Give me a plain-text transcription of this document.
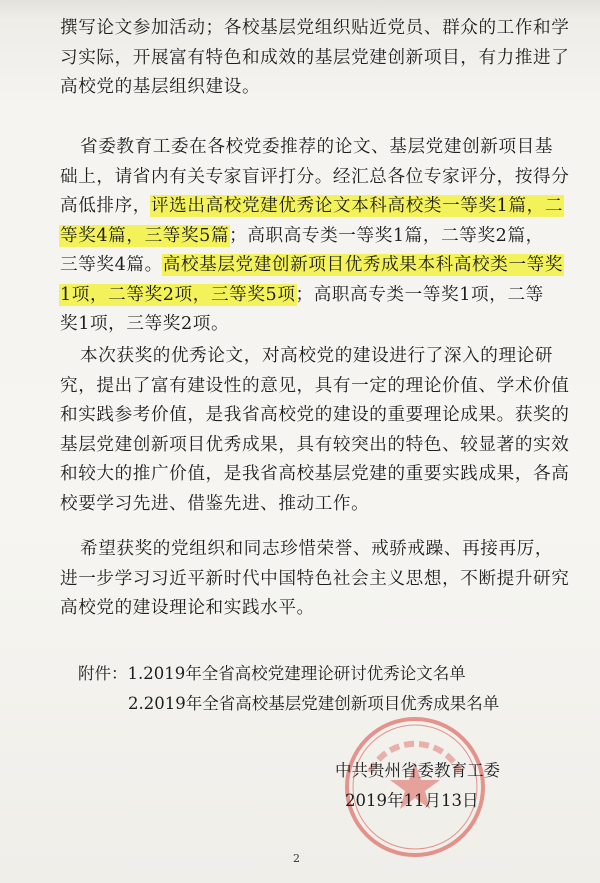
撰写论文参加活动；各校基层党组织贴近党员、群众的工作和学
习实际，开展富有特色和成效的基层党建创新项目，有力推进了
高校党的基层组织建设。
省委教育工委在各校党委推荐的论文、基层党建创新项目基
础上，请省内有关专家盲评打分。经汇总各位专家评分，按得分
高低排序，评选出高校党建优秀论文本科高校类一等奖1篇，二
等奖4篇，三等奖5篇；高职高专类一等奖1篇，二等奖2篇，
三等奖4篇。高校基层党建创新项目优秀成果本科高校类一等奖
1项，二等奖2项，三等奖5项；高职高专类一等奖1项，二等
奖1项，三等奖2项。
本次获奖的优秀论文，对高校党的建设进行了深入的理论研
究，提出了富有建设性的意见，具有一定的理论价值、学术价值
和实践参考价值，是我省高校党的建设的重要理论成果。获奖的
基层党建创新项目优秀成果，具有较突出的特色、较显著的实效
和较大的推广价值，是我省高校基层党建的重要实践成果，各高
校要学习先进、借鉴先进、推动工作。
希望获奖的党组织和同志珍惜荣誉、戒骄戒躁、再接再厉，
进一步学习习近平新时代中国特色社会主义思想，不断提升研究
高校党的建设理论和实践水平。
附件：1.2019年全省高校党建理论研讨优秀论文名单
2.2019年全省高校基层党建创新项目优秀成果名单
中共贵州省委教育工委
2019年11月13日
2
